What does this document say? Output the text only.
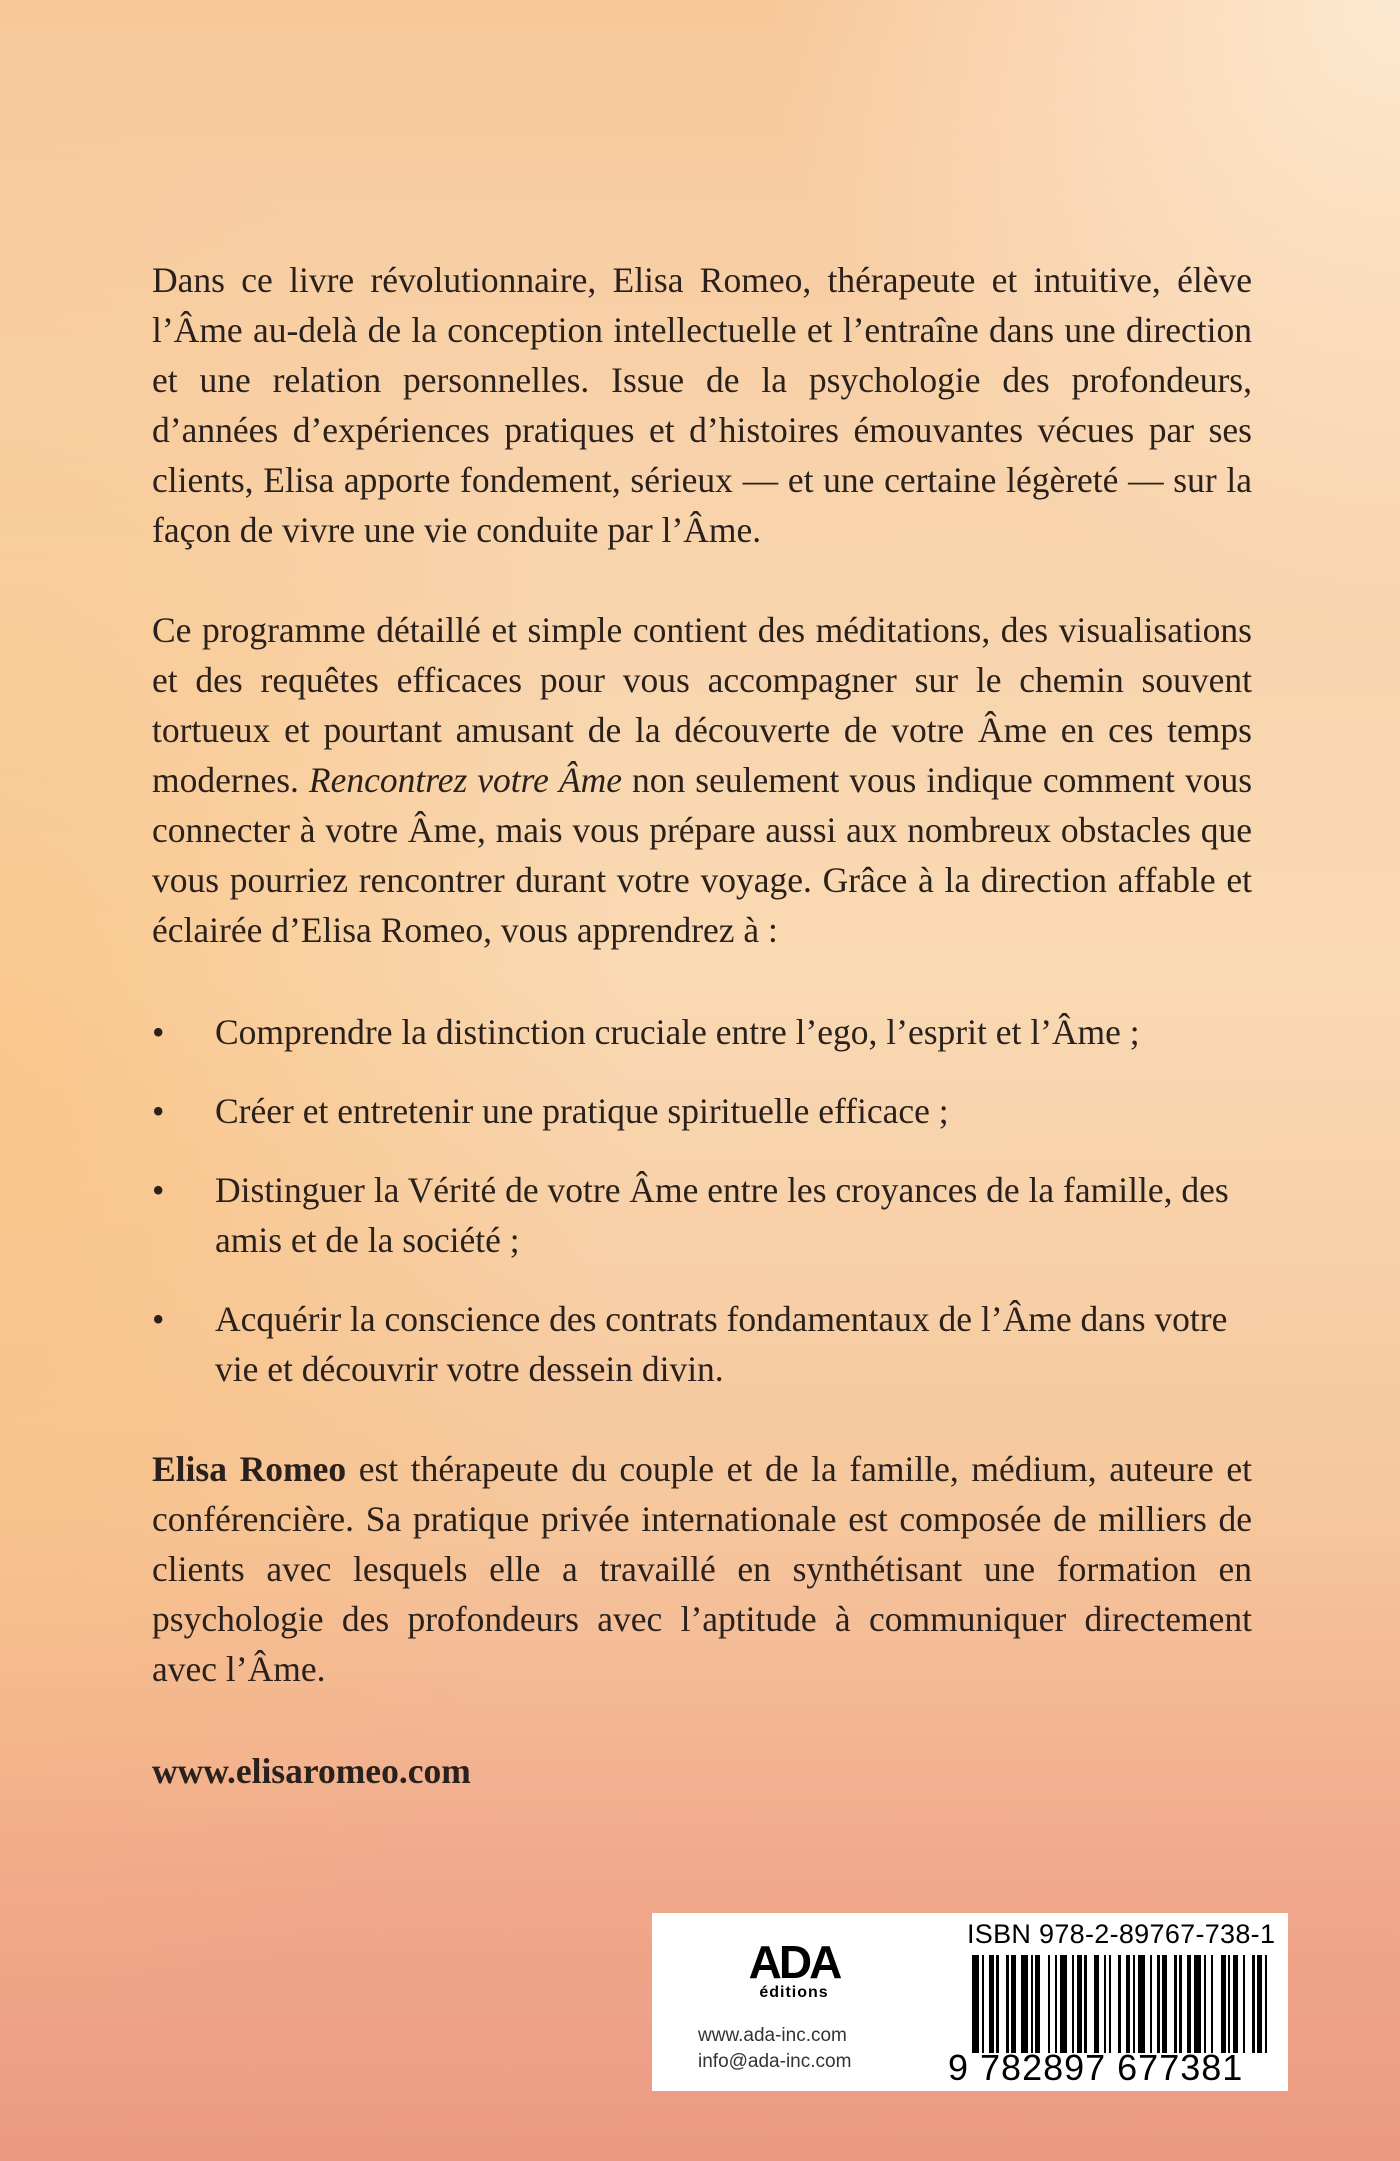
Dans ce livre révolutionnaire, Elisa Romeo, thérapeute et intuitive, élève l’Âme au-delà de la conception intellectuelle et l’entraîne dans une direction et une relation personnelles. Issue de la psychologie des profondeurs, d’années d’expériences pratiques et d’histoires émouvantes vécues par ses clients, Elisa apporte fondement, sérieux — et une certaine légèreté — sur la façon de vivre une vie conduite par l’Âme.

Ce programme détaillé et simple contient des méditations, des visualisations et des requêtes efficaces pour vous accompagner sur le chemin souvent tortueux et pourtant amusant de la découverte de votre Âme en ces temps modernes. Rencontrez votre Âme non seulement vous indique comment vous connecter à votre Âme, mais vous prépare aussi aux nombreux obstacles que vous pourriez rencontrer durant votre voyage. Grâce à la direction affable et éclairée d’Elisa Romeo, vous apprendrez à :

• Comprendre la distinction cruciale entre l’ego, l’esprit et l’Âme ;
• Créer et entretenir une pratique spirituelle efficace ;
• Distinguer la Vérité de votre Âme entre les croyances de la famille, des amis et de la société ;
• Acquérir la conscience des contrats fondamentaux de l’Âme dans votre vie et découvrir votre dessein divin.

Elisa Romeo est thérapeute du couple et de la famille, médium, auteure et conférencière. Sa pratique privée internationale est composée de milliers de clients avec lesquels elle a travaillé en synthétisant une formation en psychologie des profondeurs avec l’aptitude à communiquer directement avec l’Âme.

www.elisaromeo.com
ADA
éditions
www.ada-inc.com
info@ada-inc.com
ISBN 978-2-89767-738-1
9 782897 677381
